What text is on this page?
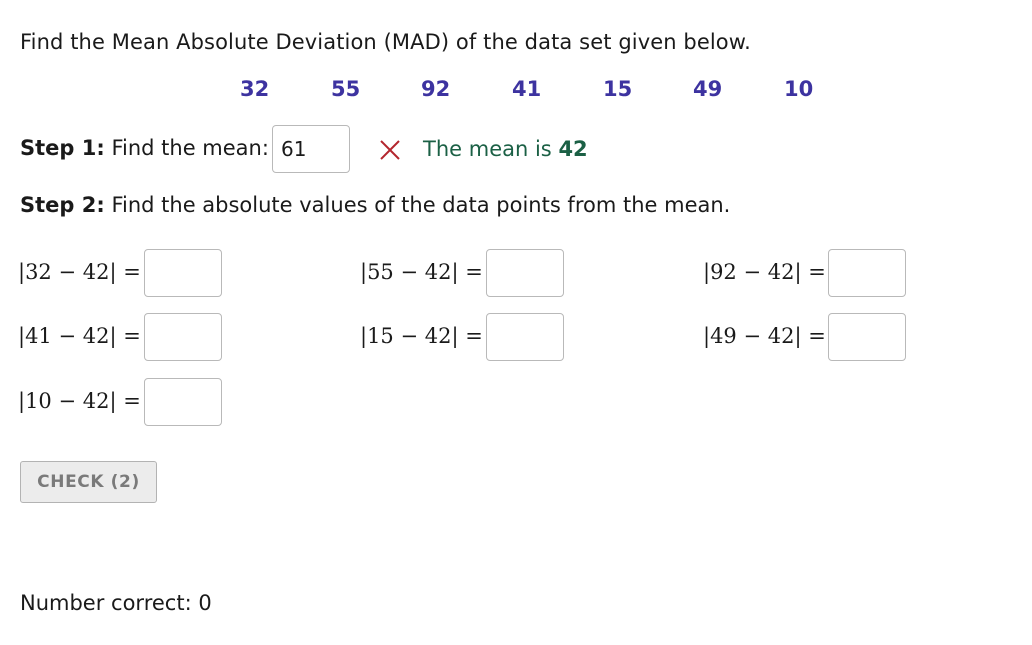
Find the Mean Absolute Deviation (MAD) of the data set given below.
32	55	92	41	15	49	10
Step 1: Find the mean:
61	The mean is 42
Step 2: Find the absolute values of the data points from the mean.
|32 − 42| =	|55 − 42| =	|92 − 42| =
|41 − 42| =	|15 − 42| =	|49 − 42| =
|10 − 42| =
CHECK (2)
Number correct: 0
